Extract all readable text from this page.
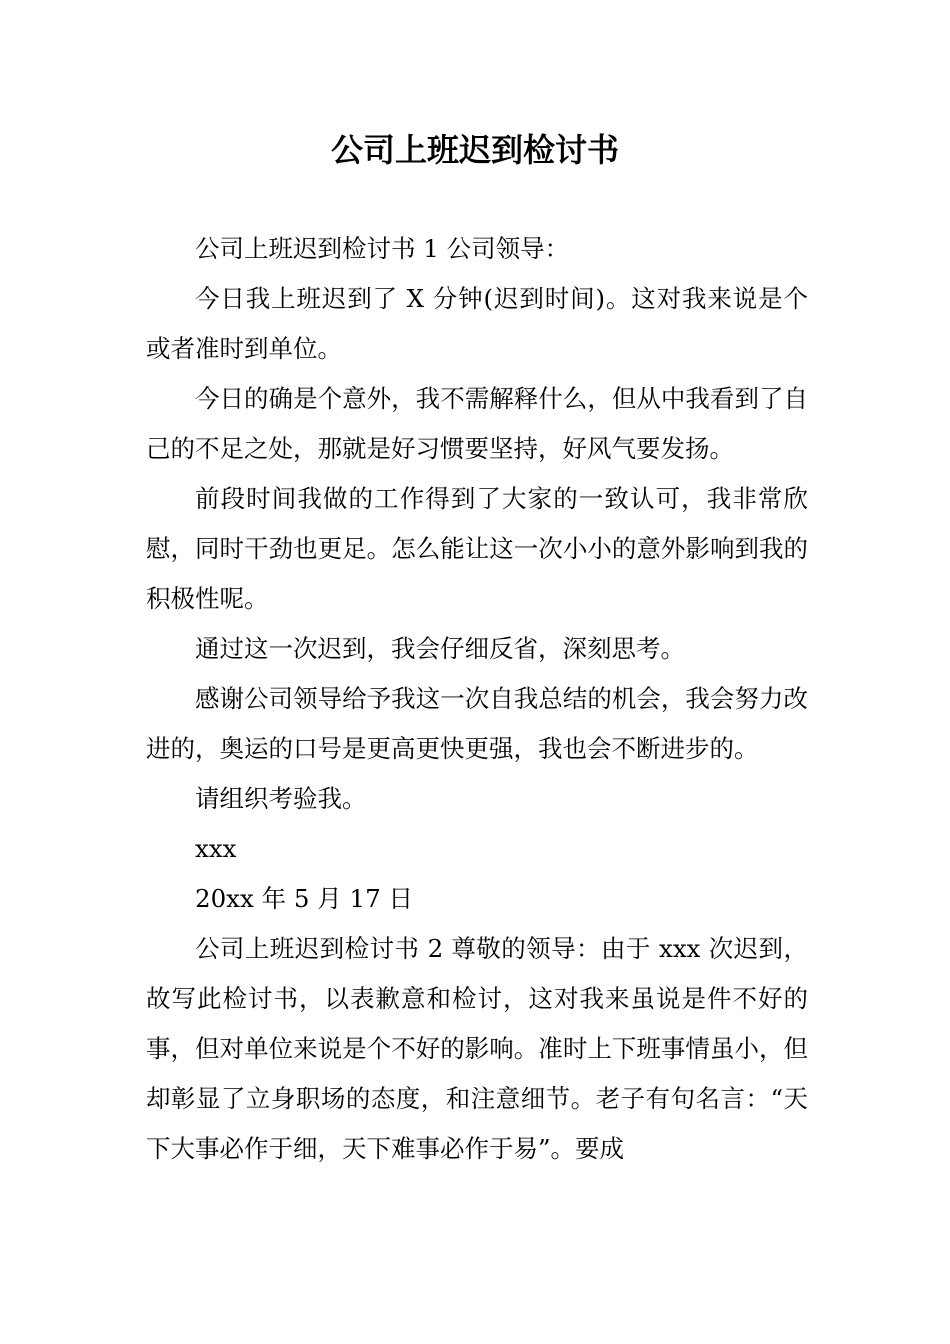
公司上班迟到检讨书

公司上班迟到检讨书 1 公司领导：

今日我上班迟到了 X 分钟(迟到时间)。这对我来说是个或者准时到单位。

今日的确是个意外，我不需解释什么，但从中我看到了自己的不足之处，那就是好习惯要坚持，好风气要发扬。

前段时间我做的工作得到了大家的一致认可，我非常欣慰，同时干劲也更足。怎么能让这一次小小的意外影响到我的积极性呢。

通过这一次迟到，我会仔细反省，深刻思考。

感谢公司领导给予我这一次自我总结的机会，我会努力改进的，奥运的口号是更高更快更强，我也会不断进步的。

请组织考验我。

xxx

20xx 年 5 月 17 日

公司上班迟到检讨书 2 尊敬的领导：由于 xxx 次迟到，故写此检讨书，以表歉意和检讨，这对我来虽说是件不好的事，但对单位来说是个不好的影响。准时上下班事情虽小，但却彰显了立身职场的态度，和注意细节。老子有句名言：“天下大事必作于细，天下难事必作于易”。要成
